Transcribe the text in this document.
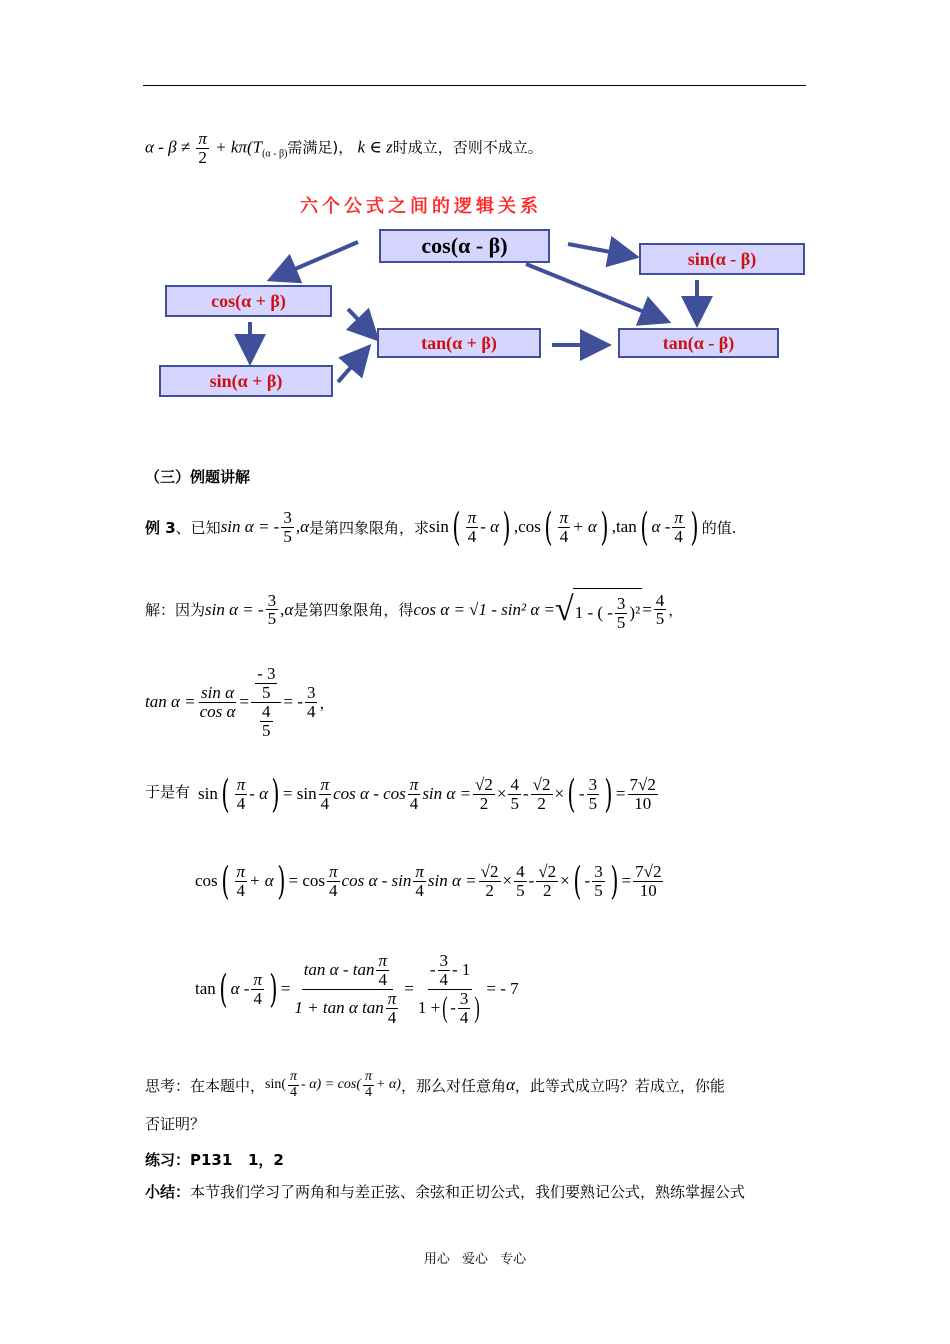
$\alpha - \beta \ne \frac{\pi}{2} + k\pi(T_{(\alpha - \beta)}$需满足)， k ∈ z时成立，否则不成立。
六个公式之间的逻辑关系
cos(α - β)
sin(α - β)
cos(α + β)
tan(α + β)	tan(α - β)
sin(α + β)
（三）例题讲解
例 3 、已知 sin α = - $\frac{3}{5} ,\alpha$ 是第四象限角，求 sin ( $\frac{\pi}{4}$ - α ) ,cos ( $\frac{\pi}{4} + \alpha$ ) ,tan ( α - $\frac{\pi}{4}$ ) 的值.
解：因为 sin α = - $\frac{3}{5} ,\alpha$ 是第四象限角，得 cos α = √1 - sin² α = √ 1 - ( - $\frac{3}{5} )^2 = \frac{4}{5}$ ，
$\tan \alpha = \frac{\text{sin α}}{\text{cos α}} = \frac{\frac{- 3}{5}}{\frac{4}{5}}$ = - $\frac{3}{4}$ ，
于是有 sin ( $\frac{\pi}{4}$ - α ) = $\sin \frac{\pi}{4}$ cos α - $\cos \frac{\pi}{4}$ $\sin \alpha = \frac{√2}{2} \times \frac{4}{5} - \frac{√2}{2}$ × ( - $\frac{3}{5}$ ) = $\frac{7√2}{10}$
cos ( $\frac{\pi}{4} + \alpha$ ) = $\cos \frac{\pi}{4}$ cos α - $\sin \frac{\pi}{4}$ $\sin \alpha = \frac{√2}{2} \times \frac{4}{5} - \frac{√2}{2}$ × ( - $\frac{3}{5}$ ) = $\frac{7√2}{10}$
tan ( α - $\frac{\pi}{4}$ ) = $\frac{\tan \alpha - \tan \frac{\pi}{4}}{1 + \tan \alpha \tan \frac{\pi}{4}} = \frac{- \frac{3}{4} - 1}{1 + ( - \frac{3}{4} )}$ = - 7
思考：在本题中， $\sin( \frac{\pi}{4} - \alpha) = \cos( \frac{\pi}{4} + \alpha)$ ，那么对任意角 α ，此等式成立吗？若成立，你能
否证明？
练习：P131 1，2
小结：本节我们学习了两角和与差正弦、余弦和正切公式，我们要熟记公式，熟练掌握公式
用心 爱心 专心
